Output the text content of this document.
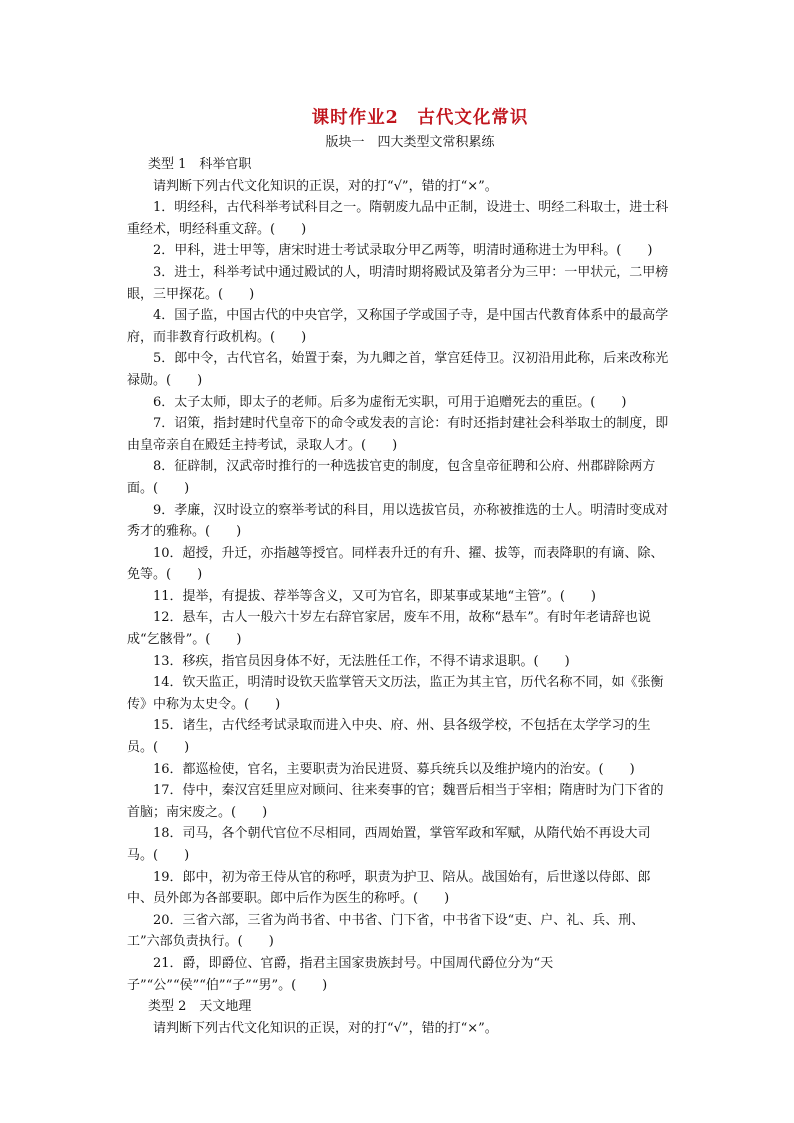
课时作业2　古代文化常识
版块一　四大类型文常积累练
类型 1　科举官职

请判断下列古代文化知识的正误，对的打“√”，错的打“×”。

1．明经科，古代科举考试科目之一。隋朝废九品中正制，设进士、明经二科取士，进士科重经术，明经科重文辞。(　　)

2．甲科，进士甲等，唐宋时进士考试录取分甲乙两等，明清时通称进士为甲科。(　　)

3．进士，科举考试中通过殿试的人，明清时期将殿试及第者分为三甲：一甲状元，二甲榜眼，三甲探花。(　　)

4．国子监，中国古代的中央官学，又称国子学或国子寺，是中国古代教育体系中的最高学府，而非教育行政机构。(　　)

5．郎中令，古代官名，始置于秦，为九卿之首，掌宫廷侍卫。汉初沿用此称，后来改称光禄勋。(　　)

6．太子太师，即太子的老师。后多为虚衔无实职，可用于追赠死去的重臣。(　　)

7．诏策，指封建时代皇帝下的命令或发表的言论：有时还指封建社会科举取士的制度，即由皇帝亲自在殿廷主持考试，录取人才。(　　)

8．征辟制，汉武帝时推行的一种选拔官吏的制度，包含皇帝征聘和公府、州郡辟除两方面。(　　)

9．孝廉，汉时设立的察举考试的科目，用以选拔官员，亦称被推选的士人。明清时变成对秀才的雅称。(　　)

10．超授，升迁，亦指越等授官。同样表升迁的有升、擢、拔等，而表降职的有谪、除、免等。(　　)

11．提举，有提拔、荐举等含义，又可为官名，即某事或某地“主管”。(　　)

12．悬车，古人一般六十岁左右辞官家居，废车不用，故称“悬车”。有时年老请辞也说成“乞骸骨”。(　　)

13．移疾，指官员因身体不好，无法胜任工作，不得不请求退职。(　　)

14．钦天监正，明清时设钦天监掌管天文历法，监正为其主官，历代名称不同，如《张衡传》中称为太史令。(　　)

15．诸生，古代经考试录取而进入中央、府、州、县各级学校，不包括在太学学习的生员。(　　)

16．都巡检使，官名，主要职责为治民进贤、募兵统兵以及维护境内的治安。(　　)

17．侍中，秦汉宫廷里应对顾问、往来奏事的官；魏晋后相当于宰相；隋唐时为门下省的首脑；南宋废之。(　　)

18．司马，各个朝代官位不尽相同，西周始置，掌管军政和军赋，从隋代始不再设大司马。(　　)

19．郎中，初为帝王侍从官的称呼，职责为护卫、陪从。战国始有，后世遂以侍郎、郎中、员外郎为各部要职。郎中后作为医生的称呼。(　　)

20．三省六部，三省为尚书省、中书省、门下省，中书省下设“吏、户、礼、兵、刑、工”六部负责执行。(　　)

21．爵，即爵位、官爵，指君主国家贵族封号。中国周代爵位分为“天子”“公”“侯”“伯”“子”“男”。(　　)

类型 2　天文地理

请判断下列古代文化知识的正误，对的打“√”，错的打“×”。
